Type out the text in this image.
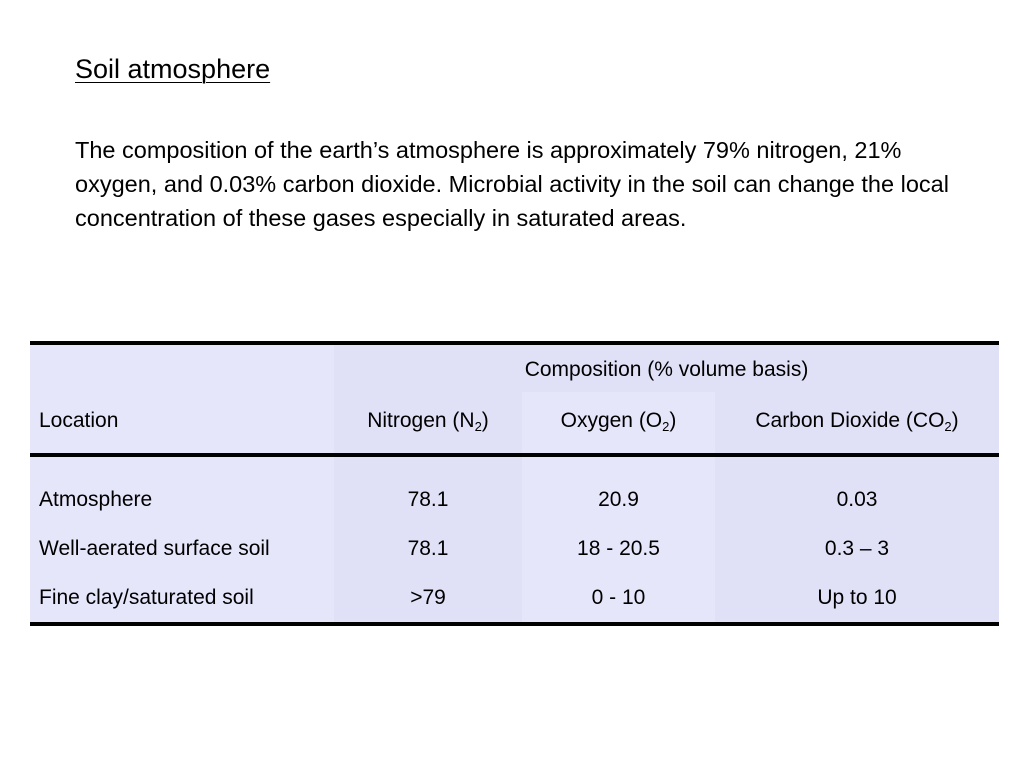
Soil atmosphere

The composition of the earth’s atmosphere is approximately 79% nitrogen, 21% oxygen, and 0.03% carbon dioxide. Microbial activity in the soil can change the local concentration of these gases especially in saturated areas.

	Composition (% volume basis)		
Location	Nitrogen $(N_2)$	Oxygen $(O_2)$	Carbon Dioxide $(CO_2)$

Atmosphere	78.1	20.9	0.03
Well-aerated surface soil	78.1	18 - 20.5	0.3 – 3
Fine clay/saturated soil	>79	0 - 10	Up to 10
